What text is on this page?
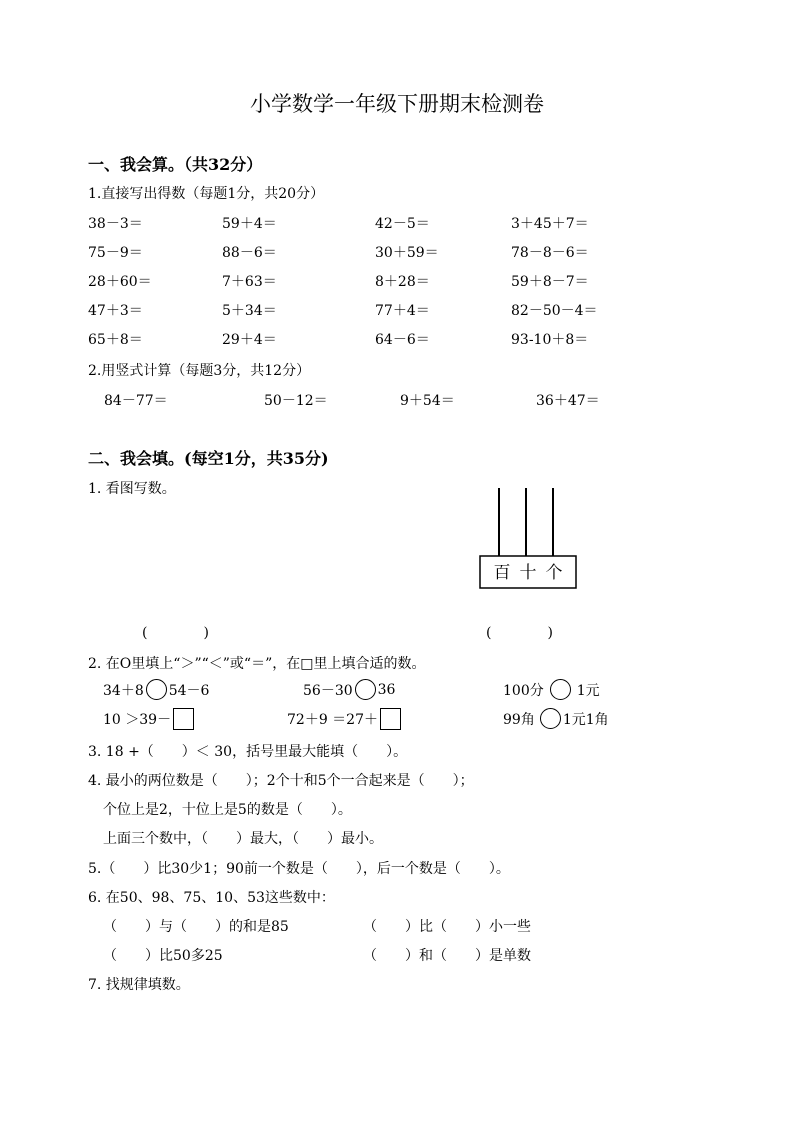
小学数学一年级下册期末检测卷
一、我会算。（共32分）
1.直接写出得数（每题1分，共20分）
38－3＝	59＋4＝	42－5＝	3＋45＋7＝
75－9＝	88－6＝	30＋59＝	78－8－6＝
28＋60＝	7＋63＝	8＋28＝	59＋8－7＝
47＋3＝	5＋34＝	77＋4＝	82－50－4＝
65＋8＝	29＋4＝	64－6＝	93-10＋8＝
2.用竖式计算（每题3分，共12分）
84－77＝	50－12＝	9＋54＝	36＋47＝
二、我会填。(每空1分，共35分)
1. 看图写数。
百 十 个
(　　　　)	(　　　　)
2. 在O里填上“＞”“＜”或“＝”，在□里上填合适的数。
34＋8 54－6	56－30 36	100分 1元
10 ＞39－	72＋9 ＝27＋	99角 1元1角
3. 18 +（　　）＜ 30，括号里最大能填（　　）。
4. 最小的两位数是（　　）；2个十和5个一合起来是（　　）；
个位上是2，十位上是5的数是（　　）。
上面三个数中，（　　）最大，（　　）最小。
5.（　　）比30少1；90前一个数是（　　），后一个数是（　　）。
6. 在50、98、75、10、53这些数中：
（　　）与（　　）的和是85	（　　）比（　　）小一些
（　　）比50多25	（　　）和（　　）是单数
7. 找规律填数。
